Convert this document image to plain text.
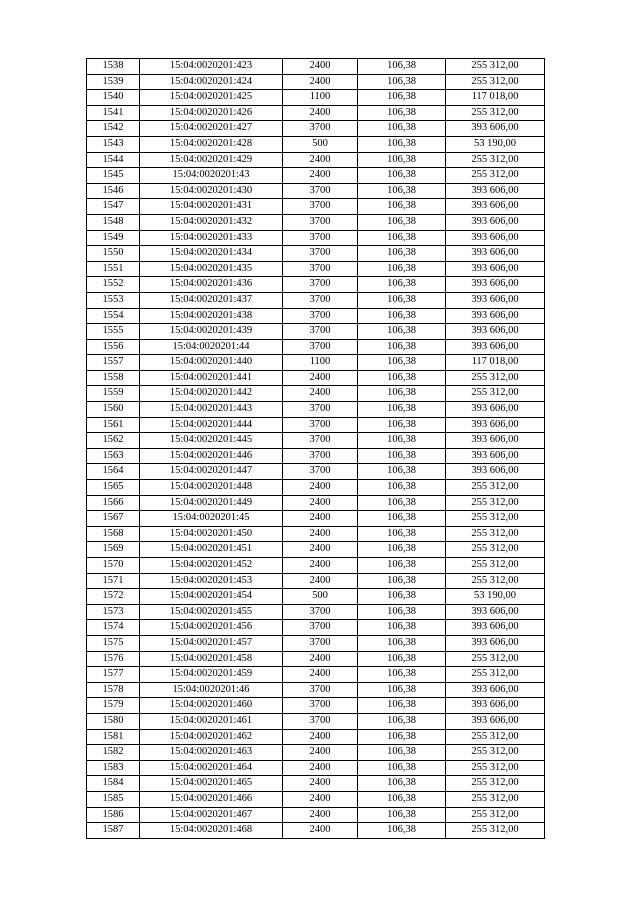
1538	15:04:0020201:423	2400	106,38	255 312,00
1539	15:04:0020201:424	2400	106,38	255 312,00
1540	15:04:0020201:425	1100	106,38	117 018,00
1541	15:04:0020201:426	2400	106,38	255 312,00
1542	15:04:0020201:427	3700	106,38	393 606,00
1543	15:04:0020201:428	500	106,38	53 190,00
1544	15:04:0020201:429	2400	106,38	255 312,00
1545	15:04:0020201:43	2400	106,38	255 312,00
1546	15:04:0020201:430	3700	106,38	393 606,00
1547	15:04:0020201:431	3700	106,38	393 606,00
1548	15:04:0020201:432	3700	106,38	393 606,00
1549	15:04:0020201:433	3700	106,38	393 606,00
1550	15:04:0020201:434	3700	106,38	393 606,00
1551	15:04:0020201:435	3700	106,38	393 606,00
1552	15:04:0020201:436	3700	106,38	393 606,00
1553	15:04:0020201:437	3700	106,38	393 606,00
1554	15:04:0020201:438	3700	106,38	393 606,00
1555	15:04:0020201:439	3700	106,38	393 606,00
1556	15:04:0020201:44	3700	106,38	393 606,00
1557	15:04:0020201:440	1100	106,38	117 018,00
1558	15:04:0020201:441	2400	106,38	255 312,00
1559	15:04:0020201:442	2400	106,38	255 312,00
1560	15:04:0020201:443	3700	106,38	393 606,00
1561	15:04:0020201:444	3700	106,38	393 606,00
1562	15:04:0020201:445	3700	106,38	393 606,00
1563	15:04:0020201:446	3700	106,38	393 606,00
1564	15:04:0020201:447	3700	106,38	393 606,00
1565	15:04:0020201:448	2400	106,38	255 312,00
1566	15:04:0020201:449	2400	106,38	255 312,00
1567	15:04:0020201:45	2400	106,38	255 312,00
1568	15:04:0020201:450	2400	106,38	255 312,00
1569	15:04:0020201:451	2400	106,38	255 312,00
1570	15:04:0020201:452	2400	106,38	255 312,00
1571	15:04:0020201:453	2400	106,38	255 312,00
1572	15:04:0020201:454	500	106,38	53 190,00
1573	15:04:0020201:455	3700	106,38	393 606,00
1574	15:04:0020201:456	3700	106,38	393 606,00
1575	15:04:0020201:457	3700	106,38	393 606,00
1576	15:04:0020201:458	2400	106,38	255 312,00
1577	15:04:0020201:459	2400	106,38	255 312,00
1578	15:04:0020201:46	3700	106,38	393 606,00
1579	15:04:0020201:460	3700	106,38	393 606,00
1580	15:04:0020201:461	3700	106,38	393 606,00
1581	15:04:0020201:462	2400	106,38	255 312,00
1582	15:04:0020201:463	2400	106,38	255 312,00
1583	15:04:0020201:464	2400	106,38	255 312,00
1584	15:04:0020201:465	2400	106,38	255 312,00
1585	15:04:0020201:466	2400	106,38	255 312,00
1586	15:04:0020201:467	2400	106,38	255 312,00
1587	15:04:0020201:468	2400	106,38	255 312,00
